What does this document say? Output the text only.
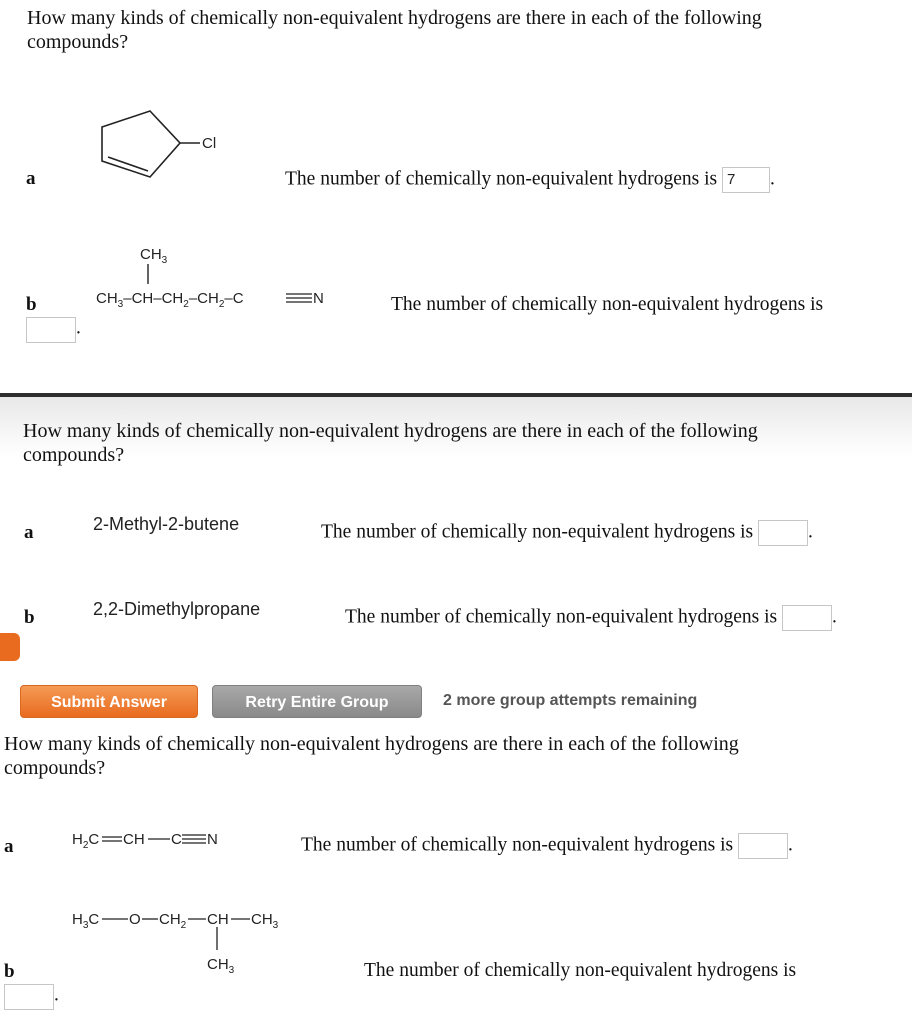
How many kinds of chemically non-equivalent hydrogens are there in each of the following compounds?
a
Cl
The number of chemically non-equivalent hydrogens is 7 .
b
$CH_3$
$CH_3-CH-CH_2-CH_2-C$	N	The number of chemically non-equivalent hydrogens is
.
How many kinds of chemically non-equivalent hydrogens are there in each of the following compounds?
a	2-Methyl-2-butene	The number of chemically non-equivalent hydrogens is	.
b	2,2-Dimethylpropane	The number of chemically non-equivalent hydrogens is	.
Submit Answer	Retry Entire Group	2 more group attempts remaining
How many kinds of chemically non-equivalent hydrogens are there in each of the following compounds?
a	$H_2C$ CH C N	The number of chemically non-equivalent hydrogens is	.
$H_3C$ O $CH_2$ CH $CH_3$
$CH_3$
b	The number of chemically non-equivalent hydrogens is
.
